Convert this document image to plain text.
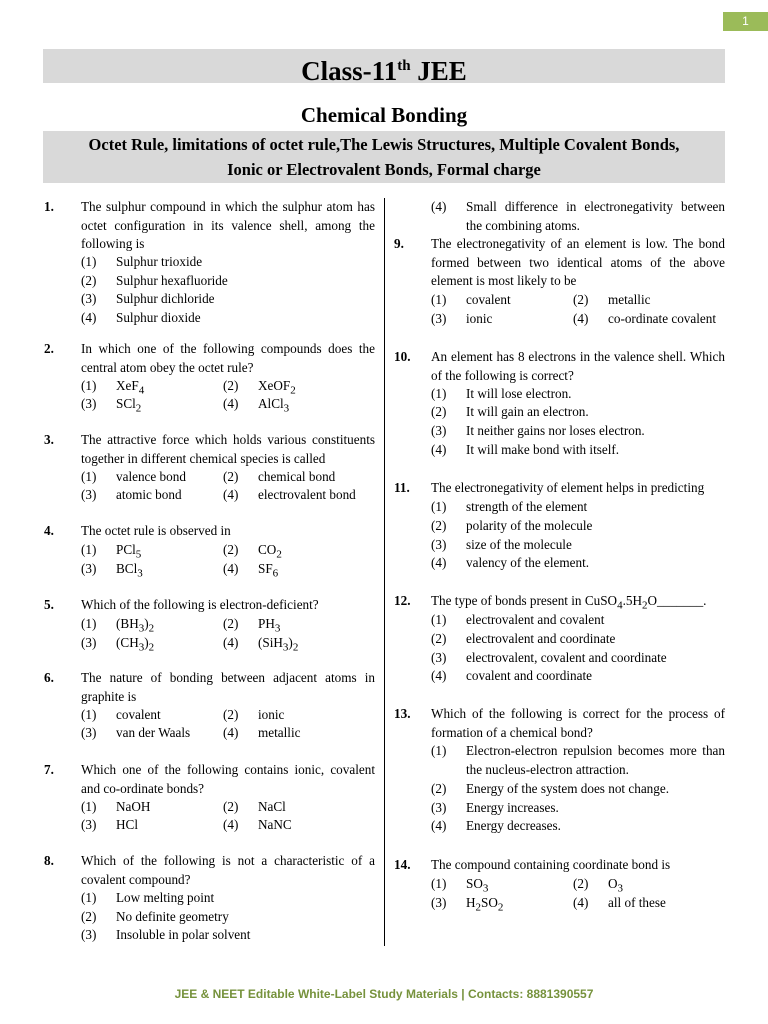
1
Class-11th JEE
Chemical Bonding
Octet Rule, limitations of octet rule,The Lewis Structures, Multiple Covalent Bonds,
Ionic or Electrovalent Bonds, Formal charge
1. The sulphur compound in which the sulphur atom has octet configuration in its valence shell, among the following is
(1) Sulphur trioxide
(2) Sulphur hexafluoride
(3) Sulphur dichloride
(4) Sulphur dioxide
2. In which one of the following compounds does the central atom obey the octet rule?
(1) XeF$_4$	(2) XeOF$_2$
(3) SCl$_2$	(4) AlCl$_3$
3. The attractive force which holds various constituents together in different chemical species is called
(1) valence bond	(2) chemical bond
(3) atomic bond	(4) electrovalent bond
4. The octet rule is observed in
(1) PCl$_5$	(2) $CO_2$
(3) BCl$_3$	(4) $SF_6$
5. Which of the following is electron-deficient?
(1) $(BH_3)_2$	(2) $PH_3$
(3) $(CH_3)_2$	(4) $(SiH_3)_2$
6. The nature of bonding between adjacent atoms in graphite is
(1) covalent	(2) ionic
(3) van der Waals (4) metallic
7. Which one of the following contains ionic, covalent and co-ordinate bonds?
(1) NaOH	(2) NaCl
(3) HCl	(4) NaNC
8. Which of the following is not a characteristic of a covalent compound?
(1) Low melting point
(2) No definite geometry
(3) Insoluble in polar solvent
(4) Small difference in electronegativity between the combining atoms.
9. The electronegativity of an element is low. The bond formed between two identical atoms of the above element is most likely to be
(1) covalent	(2) metallic
(3) ionic	(4) co-ordinate covalent
10. An element has 8 electrons in the valence shell. Which of the following is correct?
(1) It will lose electron.
(2) It will gain an electron.
(3) It neither gains nor loses electron.
(4) It will make bond with itself.
11. The electronegativity of element helps in predicting
(1) strength of the element
(2) polarity of the molecule
(3) size of the molecule
(4) valency of the element.
12. The type of bonds present in $CuSO_4.5H_2O\_\_\_\_\_\_\_$.
(1) electrovalent and covalent
(2) electrovalent and coordinate
(3) electrovalent, covalent and coordinate
(4) covalent and coordinate
13. Which of the following is correct for the process of formation of a chemical bond?
(1) Electron-electron repulsion becomes more than the nucleus-electron attraction.
(2) Energy of the system does not change.
(3) Energy increases.
(4) Energy decreases.
14. The compound containing coordinate bond is
(1) $SO_3$	(2) $O_3$
(3) $H_2SO_2$	(4) all of these
JEE & NEET Editable White-Label Study Materials | Contacts: 8881390557
